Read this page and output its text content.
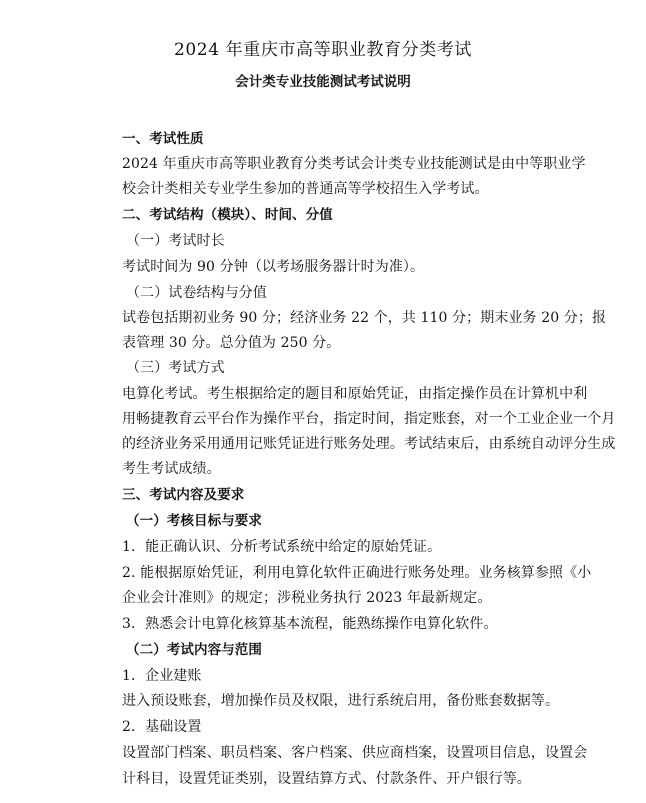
2024 年重庆市高等职业教育分类考试
会计类专业技能测试考试说明
一、考试性质
2024 年重庆市高等职业教育分类考试会计类专业技能测试是由中等职业学
校会计类相关专业学生参加的普通高等学校招生入学考试。
二、考试结构（模块）、时间、分值
（一）考试时长
考试时间为 90 分钟（以考场服务器计时为准）。
（二）试卷结构与分值
试卷包括期初业务 90 分；经济业务 22 个，共 110 分；期末业务 20 分；报
表管理 30 分。总分值为 250 分。
（三）考试方式
电算化考试。考生根据给定的题目和原始凭证，由指定操作员在计算机中利
用畅捷教育云平台作为操作平台，指定时间，指定账套，对一个工业企业一个月
的经济业务采用通用记账凭证进行账务处理。考试结束后，由系统自动评分生成
考生考试成绩。
三、考试内容及要求
（一）考核目标与要求
1．能正确认识、分析考试系统中给定的原始凭证。
2. 能根据原始凭证，利用电算化软件正确进行账务处理。业务核算参照《小
企业会计准则》的规定；涉税业务执行 2023 年最新规定。
3．熟悉会计电算化核算基本流程，能熟练操作电算化软件。
（二）考试内容与范围
1．企业建账
进入预设账套，增加操作员及权限，进行系统启用，备份账套数据等。
2．基础设置
设置部门档案、职员档案、客户档案、供应商档案，设置项目信息，设置会
计科目，设置凭证类别，设置结算方式、付款条件、开户银行等。
